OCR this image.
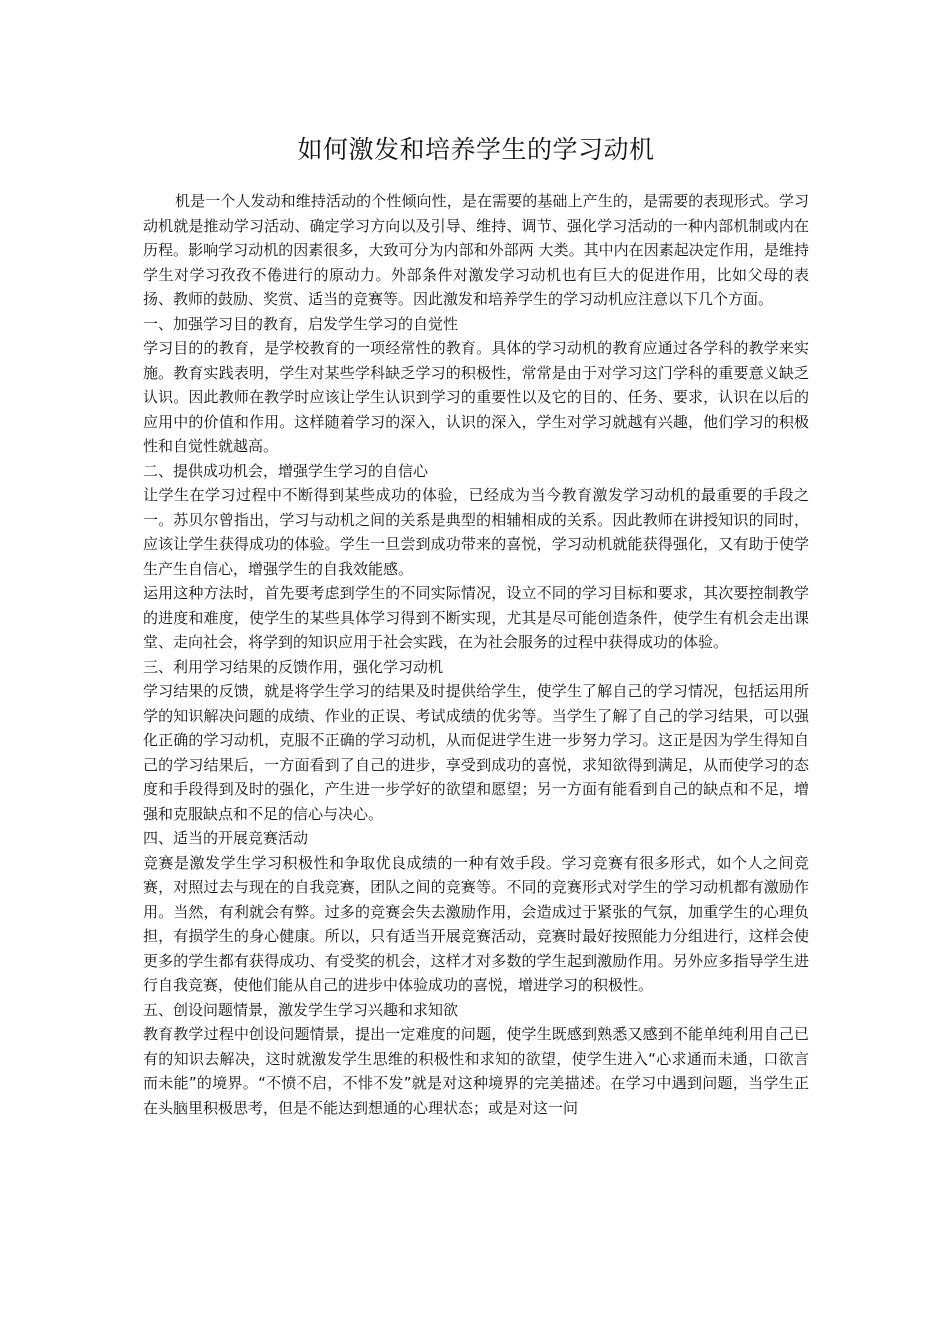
如何激发和培养学生的学习动机

机是一个人发动和维持活动的个性倾向性，是在需要的基础上产生的，是需要的表现形式。学习动机就是推动学习活动、确定学习方向以及引导、维持、调节、强化学习活动的一种内部机制或内在历程。影响学习动机的因素很多，大致可分为内部和外部两 大类。其中内在因素起决定作用，是维持学生对学习孜孜不倦进行的原动力。外部条件对激发学习动机也有巨大的促进作用，比如父母的表扬、教师的鼓励、奖赏、适当的竞赛等。因此激发和培养学生的学习动机应注意以下几个方面。

一、加强学习目的教育，启发学生学习的自觉性

学习目的的教育，是学校教育的一项经常性的教育。具体的学习动机的教育应通过各学科的教学来实施。教育实践表明，学生对某些学科缺乏学习的积极性，常常是由于对学习这门学科的重要意义缺乏认识。因此教师在教学时应该让学生认识到学习的重要性以及它的目的、任务、要求，认识在以后的应用中的价值和作用。这样随着学习的深入，认识的深入，学生对学习就越有兴趣，他们学习的积极性和自觉性就越高。

二、提供成功机会，增强学生学习的自信心

让学生在学习过程中不断得到某些成功的体验，已经成为当今教育激发学习动机的最重要的手段之一。苏贝尔曾指出，学习与动机之间的关系是典型的相辅相成的关系。因此教师在讲授知识的同时，应该让学生获得成功的体验。学生一旦尝到成功带来的喜悦，学习动机就能获得强化，又有助于使学生产生自信心，增强学生的自我效能感。

运用这种方法时，首先要考虑到学生的不同实际情况，设立不同的学习目标和要求，其次要控制教学的进度和难度，使学生的某些具体学习得到不断实现，尤其是尽可能创造条件，使学生有机会走出课堂、走向社会，将学到的知识应用于社会实践，在为社会服务的过程中获得成功的体验。

三、利用学习结果的反馈作用，强化学习动机

学习结果的反馈，就是将学生学习的结果及时提供给学生，使学生了解自己的学习情况，包括运用所学的知识解决问题的成绩、作业的正误、考试成绩的优劣等。当学生了解了自己的学习结果，可以强化正确的学习动机，克服不正确的学习动机，从而促进学生进一步努力学习。这正是因为学生得知自己的学习结果后，一方面看到了自己的进步，享受到成功的喜悦，求知欲得到满足，从而使学习的态度和手段得到及时的强化，产生进一步学好的欲望和愿望；另一方面有能看到自己的缺点和不足，增强和克服缺点和不足的信心与决心。

四、适当的开展竞赛活动

竞赛是激发学生学习积极性和争取优良成绩的一种有效手段。学习竞赛有很多形式，如个人之间竞赛，对照过去与现在的自我竞赛，团队之间的竞赛等。不同的竞赛形式对学生的学习动机都有激励作用。当然，有利就会有弊。过多的竞赛会失去激励作用，会造成过于紧张的气氛，加重学生的心理负担，有损学生的身心健康。所以，只有适当开展竞赛活动，竞赛时最好按照能力分组进行，这样会使更多的学生都有获得成功、有受奖的机会，这样才对多数的学生起到激励作用。另外应多指导学生进行自我竞赛，使他们能从自己的进步中体验成功的喜悦，增进学习的积极性。

五、创设问题情景，激发学生学习兴趣和求知欲

教育教学过程中创设问题情景，提出一定难度的问题，使学生既感到熟悉又感到不能单纯利用自己已有的知识去解决，这时就激发学生思维的积极性和求知的欲望，使学生进入“心求通而未通，口欲言而未能”的境界。“不愤不启，不悱不发”就是对这种境界的完美描述。在学习中遇到问题，当学生正在头脑里积极思考，但是不能达到想通的心理状态；或是对这一问
